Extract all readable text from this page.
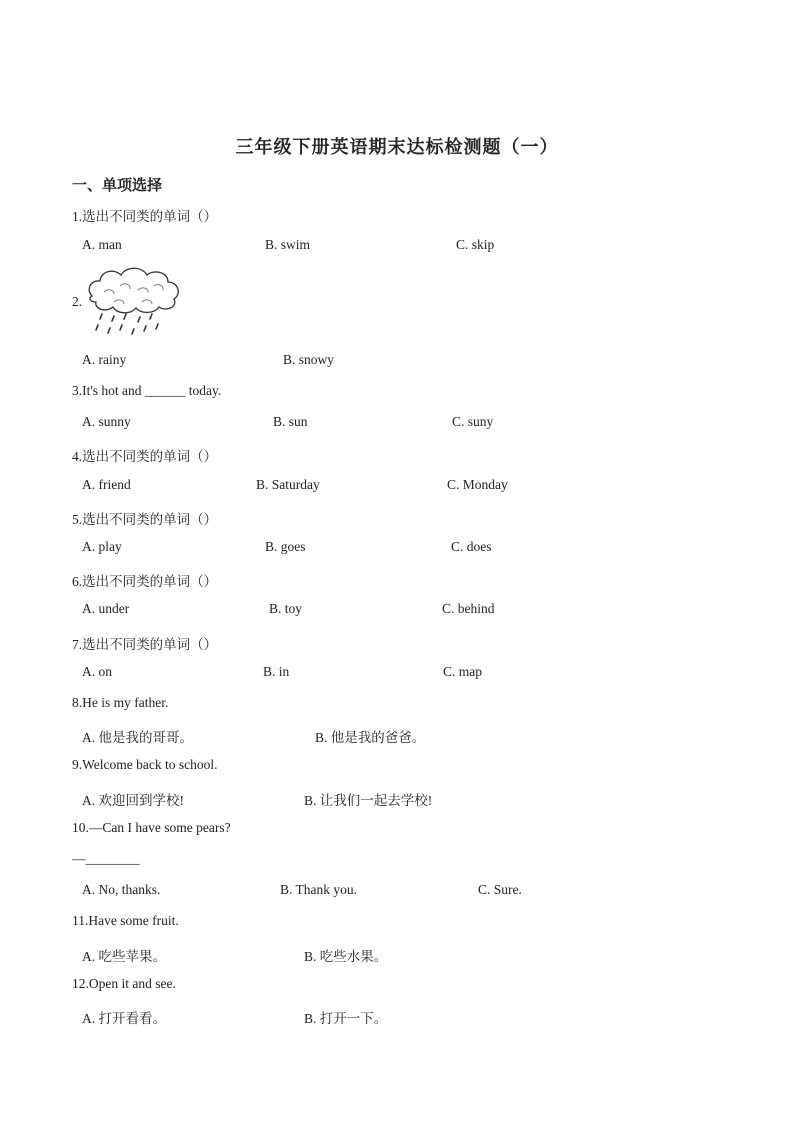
三年级下册英语期末达标检测题（一）
一、单项选择
1.选出不同类的单词（）
A. man	B. swim	C. skip
2.
A. rainy	B. snowy
3.It's hot and ______ today.
A. sunny	B. sun	C. suny
4.选出不同类的单词（）
A. friend	B. Saturday	C. Monday
5.选出不同类的单词（）
A. play	B. goes	C. does
6.选出不同类的单词（）
A. under	B. toy	C. behind
7.选出不同类的单词（）
A. on	B. in	C. map
8.He is my father.
A. 他是我的哥哥。	B. 他是我的爸爸。
9.Welcome back to school.
A. 欢迎回到学校!	B. 让我们一起去学校!
10.—Can I have some pears?
—________
A. No, thanks.	B. Thank you.	C. Sure.
11.Have some fruit.
A. 吃些苹果。	B. 吃些水果。
12.Open it and see.
A. 打开看看。	B. 打开一下。
